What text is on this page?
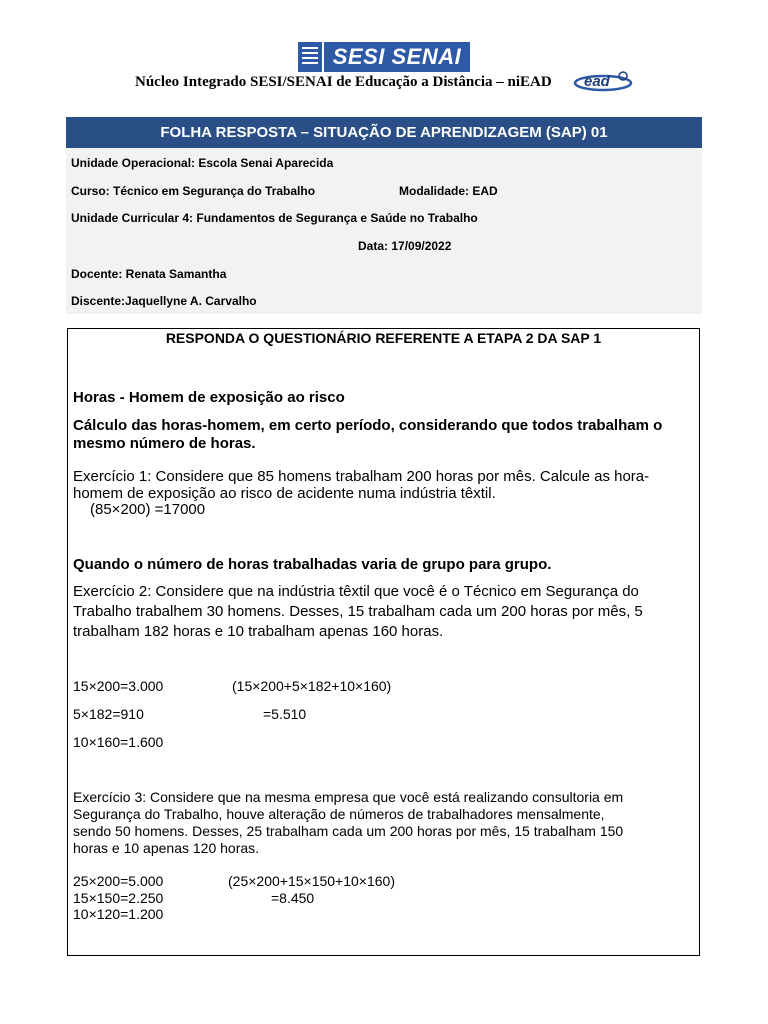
SESI SENAI
Núcleo Integrado SESI/SENAI de Educação a Distância – niEAD ead
FOLHA RESPOSTA – SITUAÇÃO DE APRENDIZAGEM (SAP) 01
Unidade Operacional: Escola Senai Aparecida
Curso: Técnico em Segurança do Trabalho	Modalidade: EAD
Unidade Curricular 4: Fundamentos de Segurança e Saúde no Trabalho
Data: 17/09/2022
Docente: Renata Samantha
Discente:Jaquellyne A. Carvalho
RESPONDA O QUESTIONÁRIO REFERENTE A ETAPA 2 DA SAP 1
Horas - Homem de exposição ao risco
Cálculo das horas-homem, em certo período, considerando que todos trabalham o
mesmo número de horas.
Exercício 1: Considere que 85 homens trabalham 200 horas por mês. Calcule as hora-
homem de exposição ao risco de acidente numa indústria têxtil.
(85×200) =17000
Quando o número de horas trabalhadas varia de grupo para grupo.
Exercício 2: Considere que na indústria têxtil que você é o Técnico em Segurança do
Trabalho trabalhem 30 homens. Desses, 15 trabalham cada um 200 horas por mês, 5
trabalham 182 horas e 10 trabalham apenas 160 horas.
15×200=3.000	(15×200+5×182+10×160)
5×182=910	=5.510
10×160=1.600
Exercício 3: Considere que na mesma empresa que você está realizando consultoria em
Segurança do Trabalho, houve alteração de números de trabalhadores mensalmente,
sendo 50 homens. Desses, 25 trabalham cada um 200 horas por mês, 15 trabalham 150
horas e 10 apenas 120 horas.
25×200=5.000	(25×200+15×150+10×160)
15×150=2.250	=8.450
10×120=1.200
